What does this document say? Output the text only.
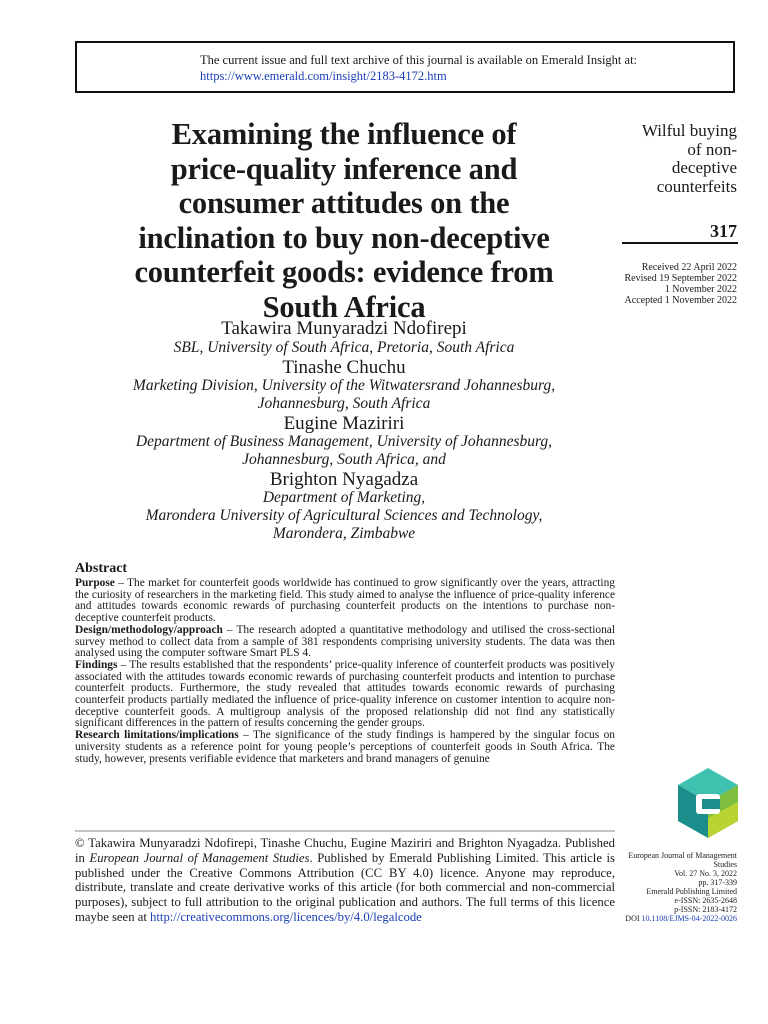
The current issue and full text archive of this journal is available on Emerald Insight at:
https://www.emerald.com/insight/2183-4172.htm
Examining the influence of
price-quality inference and
consumer attitudes on the
inclination to buy non-deceptive
counterfeit goods: evidence from
South Africa
Wilful buying
of non-
deceptive
counterfeits
317
Received 22 April 2022
Revised 19 September 2022
1 November 2022
Accepted 1 November 2022
Takawira Munyaradzi Ndofirepi
SBL, University of South Africa, Pretoria, South Africa
Tinashe Chuchu
Marketing Division, University of the Witwatersrand Johannesburg,
Johannesburg, South Africa
Eugine Maziriri
Department of Business Management, University of Johannesburg,
Johannesburg, South Africa, and
Brighton Nyagadza
Department of Marketing,
Marondera University of Agricultural Sciences and Technology,
Marondera, Zimbabwe
Abstract

Purpose – The market for counterfeit goods worldwide has continued to grow significantly over the years, attracting the curiosity of researchers in the marketing field. This study aimed to analyse the influence of price-quality inference and attitudes towards economic rewards of purchasing counterfeit products on the intentions to purchase non-deceptive counterfeit products.

Design/methodology/approach – The research adopted a quantitative methodology and utilised the cross-sectional survey method to collect data from a sample of 381 respondents comprising university students. The data was then analysed using the computer software Smart PLS 4.

Findings – The results established that the respondents’ price-quality inference of counterfeit products was positively associated with the attitudes towards economic rewards of purchasing counterfeit products and intention to purchase counterfeit products. Furthermore, the study revealed that attitudes towards economic rewards of purchasing counterfeit products partially mediated the influence of price-quality inference on customer intention to acquire non-deceptive counterfeit goods. A multigroup analysis of the proposed relationship did not find any statistically significant differences in the pattern of results concerning the gender groups.

Research limitations/implications – The significance of the study findings is hampered by the singular focus on university students as a reference point for young people’s perceptions of counterfeit goods in South Africa. The study, however, presents verifiable evidence that marketers and brand managers of genuine

© Takawira Munyaradzi Ndofirepi, Tinashe Chuchu, Eugine Maziriri and Brighton Nyagadza. Published in European Journal of Management Studies. Published by Emerald Publishing Limited. This article is published under the Creative Commons Attribution (CC BY 4.0) licence. Anyone may reproduce, distribute, translate and create derivative works of this article (for both commercial and non-commercial purposes), subject to full attribution to the original publication and authors. The full terms of this licence maybe seen at http://creativecommons.org/licences/by/4.0/legalcode
European Journal of Management Studies
Vol. 27 No. 3, 2022
pp. 317-339
Emerald Publishing Limited
e-ISSN: 2635-2648
p-ISSN: 2183-4172
DOI 10.1108/EJMS-04-2022-0026
